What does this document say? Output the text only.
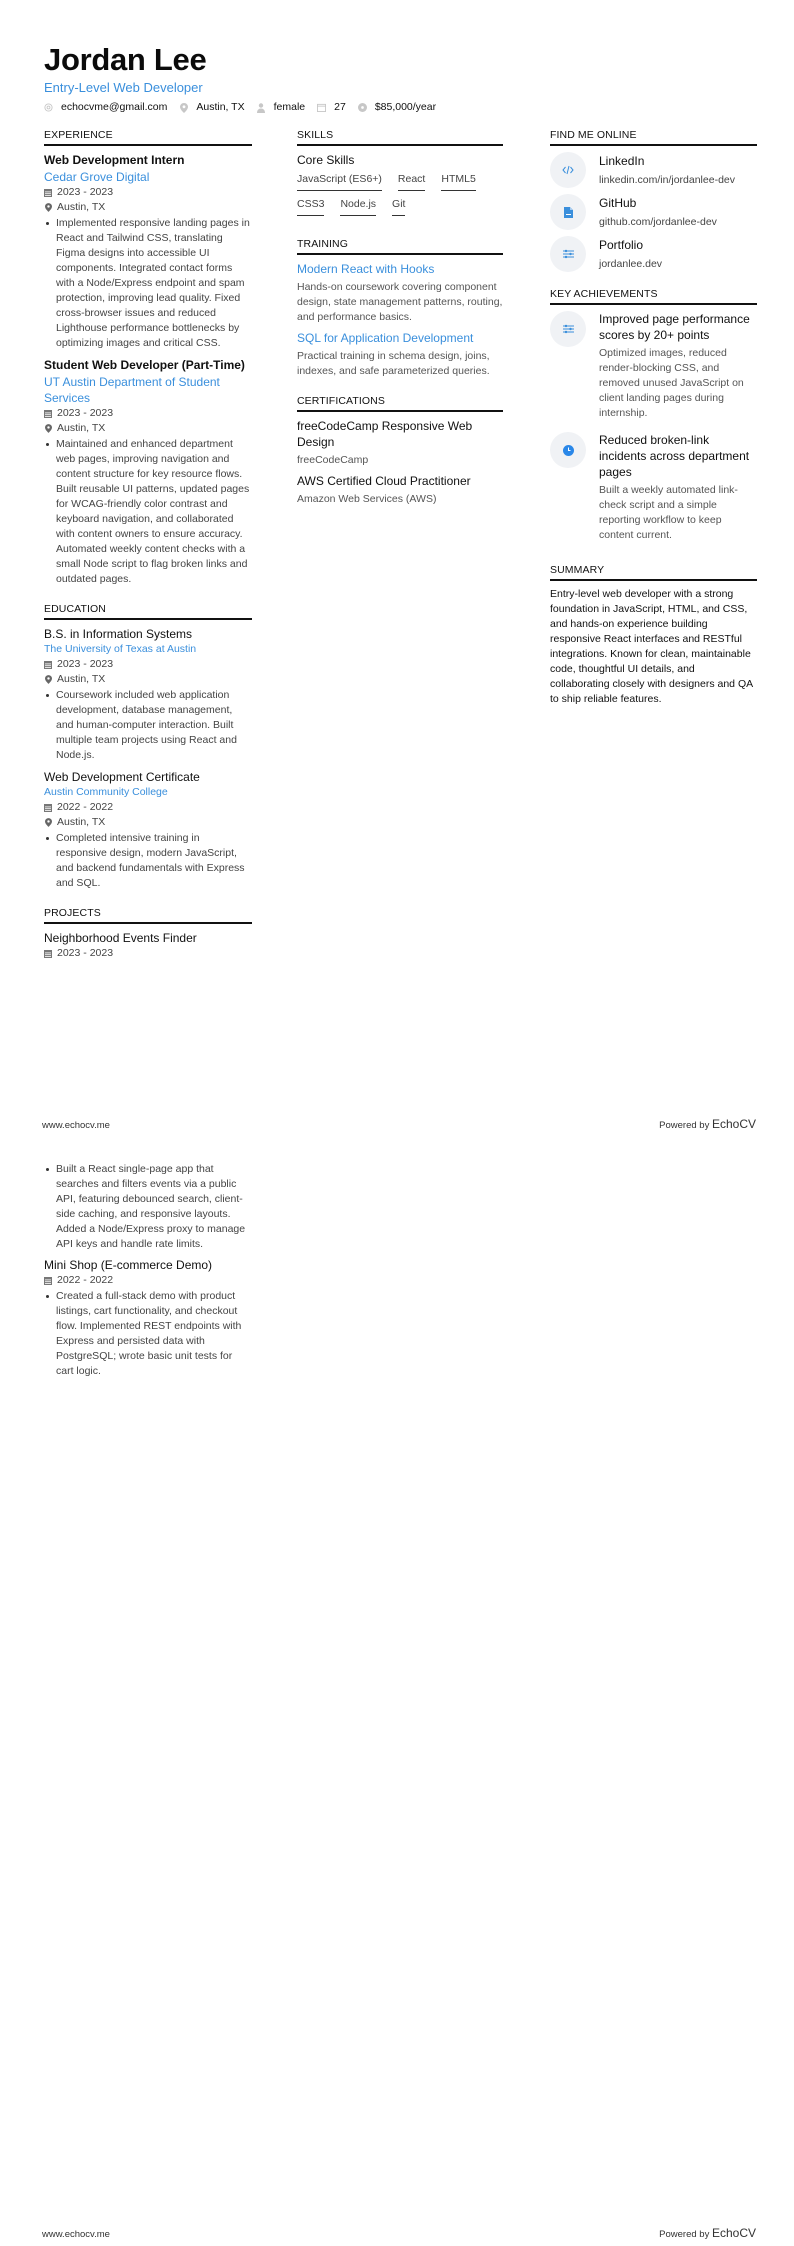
Jordan Lee
Entry-Level Web Developer
echocvme@gmail.com	Austin, TX	female	27	$85,000/year
EXPERIENCE
Web Development Intern
Cedar Grove Digital
2023 - 2023
Austin, TX
Implemented responsive landing pages in React and Tailwind CSS, translating Figma designs into accessible UI components. Integrated contact forms with a Node/Express endpoint and spam protection, improving lead quality. Fixed cross-browser issues and reduced Lighthouse performance bottlenecks by optimizing images and critical CSS.
Student Web Developer (Part-Time)
UT Austin Department of Student Services
2023 - 2023
Austin, TX
Maintained and enhanced department web pages, improving navigation and content structure for key resource flows. Built reusable UI patterns, updated pages for WCAG-friendly color contrast and keyboard navigation, and collaborated with content owners to ensure accuracy. Automated weekly content checks with a small Node script to flag broken links and outdated pages.
EDUCATION
B.S. in Information Systems
The University of Texas at Austin
2023 - 2023
Austin, TX
Coursework included web application development, database management, and human-computer interaction. Built multiple team projects using React and Node.js.
Web Development Certificate
Austin Community College
2022 - 2022
Austin, TX
Completed intensive training in responsive design, modern JavaScript, and backend fundamentals with Express and SQL.
PROJECTS
Neighborhood Events Finder
2023 - 2023
SKILLS
Core Skills
JavaScript (ES6+) React HTML5
CSS3 Node.js Git
TRAINING
Modern React with Hooks
Hands-on coursework covering component design, state management patterns, routing, and performance basics.
SQL for Application Development
Practical training in schema design, joins, indexes, and safe parameterized queries.
CERTIFICATIONS
freeCodeCamp Responsive Web Design
freeCodeCamp
AWS Certified Cloud Practitioner
Amazon Web Services (AWS)
FIND ME ONLINE
LinkedIn
linkedin.com/in/jordanlee-dev
GitHub
github.com/jordanlee-dev
Portfolio
jordanlee.dev
KEY ACHIEVEMENTS
Improved page performance scores by 20+ points
Optimized images, reduced render-blocking CSS, and removed unused JavaScript on client landing pages during internship.
Reduced broken-link incidents across department pages
Built a weekly automated link-check script and a simple reporting workflow to keep content current.
SUMMARY
Entry-level web developer with a strong foundation in JavaScript, HTML, and CSS, and hands-on experience building responsive React interfaces and RESTful integrations. Known for clean, maintainable code, thoughtful UI details, and collaborating closely with designers and QA to ship reliable features.
www.echocv.me	Powered by EchoCV
Built a React single-page app that searches and filters events via a public API, featuring debounced search, client-side caching, and responsive layouts. Added a Node/Express proxy to manage API keys and handle rate limits.
Mini Shop (E-commerce Demo)
2022 - 2022
Created a full-stack demo with product listings, cart functionality, and checkout flow. Implemented REST endpoints with Express and persisted data with PostgreSQL; wrote basic unit tests for cart logic.
www.echocv.me	Powered by EchoCV
